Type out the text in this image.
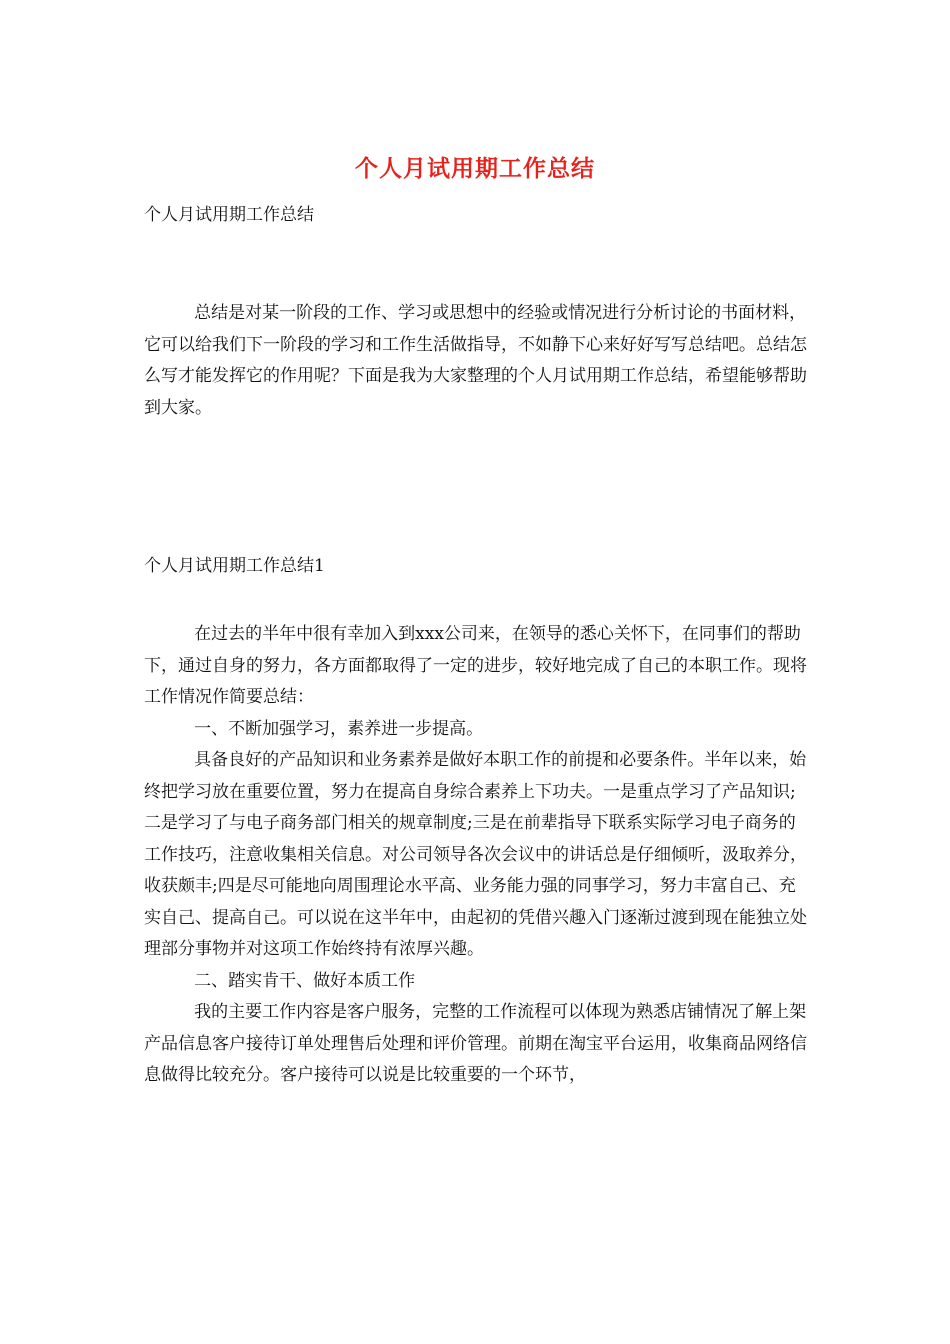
个人月试用期工作总结
个人月试用期工作总结

总结是对某一阶段的工作、学习或思想中的经验或情况进行分析讨论的书面材料，它可以给我们下一阶段的学习和工作生活做指导，不如静下心来好好写写总结吧。总结怎么写才能发挥它的作用呢？下面是我为大家整理的个人月试用期工作总结，希望能够帮助到大家。

个人月试用期工作总结1

在过去的半年中很有幸加入到xxx公司来，在领导的悉心关怀下，在同事们的帮助下，通过自身的努力，各方面都取得了一定的进步，较好地完成了自己的本职工作。现将工作情况作简要总结：

一、不断加强学习，素养进一步提高。

具备良好的产品知识和业务素养是做好本职工作的前提和必要条件。半年以来，始终把学习放在重要位置，努力在提高自身综合素养上下功夫。一是重点学习了产品知识;二是学习了与电子商务部门相关的规章制度;三是在前辈指导下联系实际学习电子商务的工作技巧，注意收集相关信息。对公司领导各次会议中的讲话总是仔细倾听，汲取养分，收获颇丰;四是尽可能地向周围理论水平高、业务能力强的同事学习，努力丰富自己、充实自己、提高自己。可以说在这半年中，由起初的凭借兴趣入门逐渐过渡到现在能独立处理部分事物并对这项工作始终持有浓厚兴趣。

二、踏实肯干、做好本质工作

我的主要工作内容是客户服务，完整的工作流程可以体现为熟悉店铺情况了解上架产品信息客户接待订单处理售后处理和评价管理。前期在淘宝平台运用，收集商品网络信息做得比较充分。客户接待可以说是比较重要的一个环节，
